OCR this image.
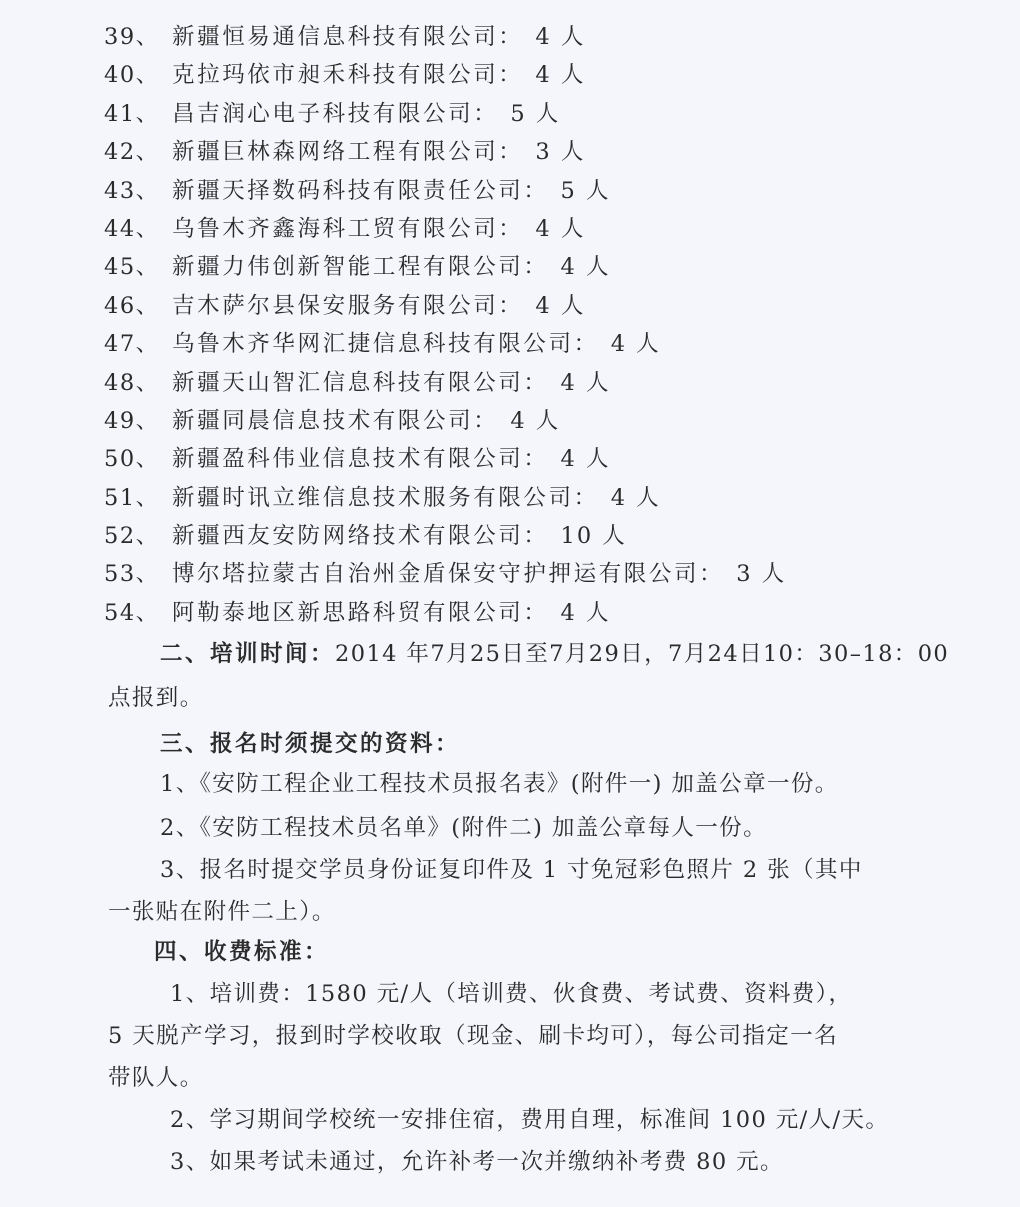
39、 新疆恒易通信息科技有限公司： 4 人
40、 克拉玛依市昶禾科技有限公司： 4 人
41、 昌吉润心电子科技有限公司： 5 人
42、 新疆巨林森网络工程有限公司： 3 人
43、 新疆天择数码科技有限责任公司： 5 人
44、 乌鲁木齐鑫海科工贸有限公司： 4 人
45、 新疆力伟创新智能工程有限公司： 4 人
46、 吉木萨尔县保安服务有限公司： 4 人
47、 乌鲁木齐华网汇捷信息科技有限公司： 4 人
48、 新疆天山智汇信息科技有限公司： 4 人
49、 新疆同晨信息技术有限公司： 4 人
50、 新疆盈科伟业信息技术有限公司： 4 人
51、 新疆时讯立维信息技术服务有限公司： 4 人
52、 新疆西友安防网络技术有限公司： 10 人
53、 博尔塔拉蒙古自治州金盾保安守护押运有限公司： 3 人
54、 阿勒泰地区新思路科贸有限公司： 4 人
二、培训时间：2014 年7月25日至7月29日，7月24日10：30–18：00
点报到。
三、报名时须提交的资料：
1、《安防工程企业工程技术员报名表》(附件一) 加盖公章一份。
2、《安防工程技术员名单》(附件二) 加盖公章每人一份。
3、报名时提交学员身份证复印件及 1 寸免冠彩色照片 2 张（其中
一张贴在附件二上）。
四、收费标准：
1、培训费：1580 元/人（培训费、伙食费、考试费、资料费），
5 天脱产学习，报到时学校收取（现金、刷卡均可），每公司指定一名
带队人。
2、学习期间学校统一安排住宿，费用自理，标准间 100 元/人/天。
3、如果考试未通过，允许补考一次并缴纳补考费 80 元。
